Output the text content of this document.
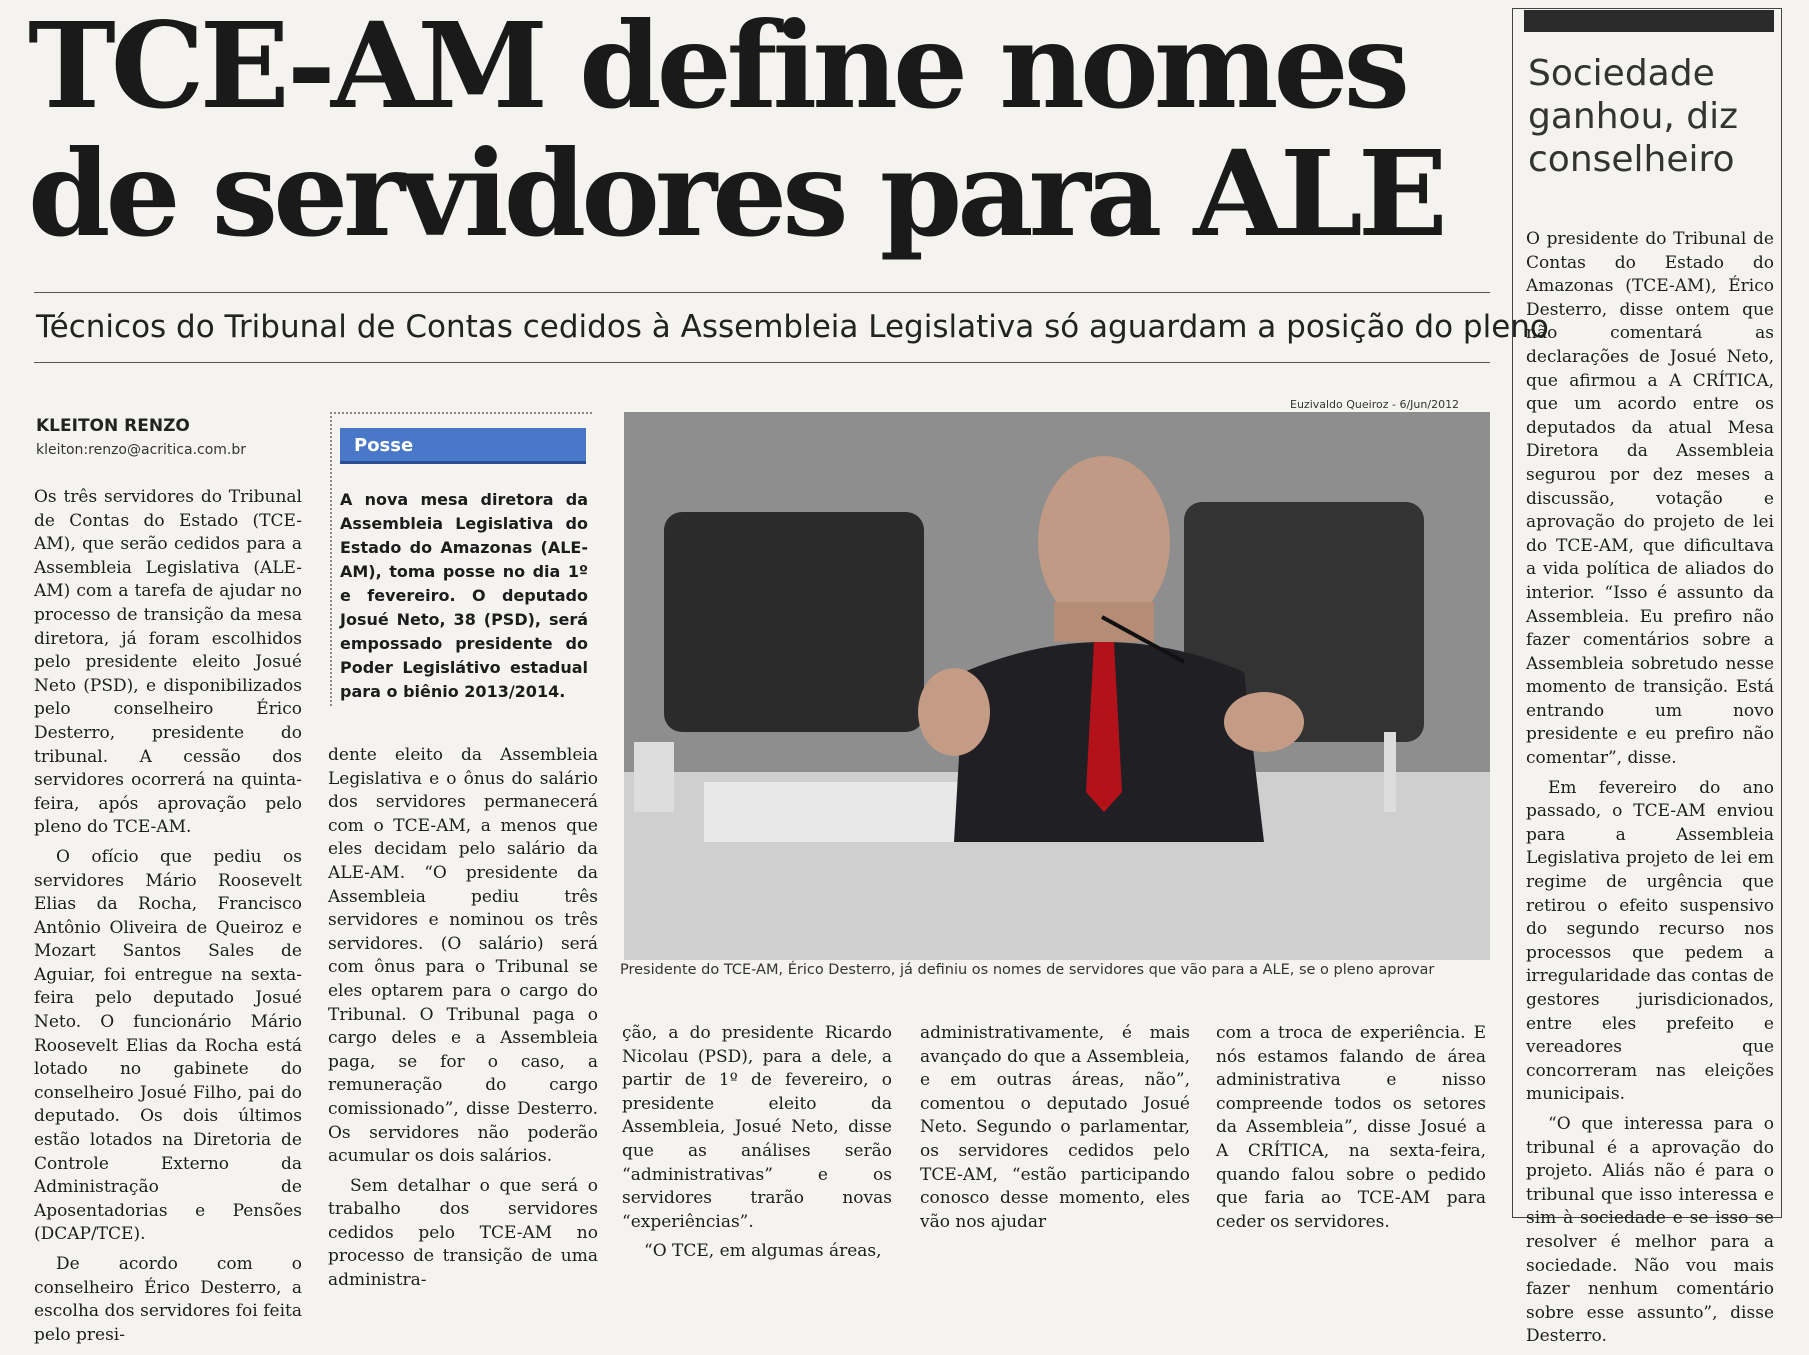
TCE-AM define nomes
de servidores para ALE
Técnicos do Tribunal de Contas cedidos à Assembleia Legislativa só aguardam a posição do pleno
KLEITON RENZO
kleiton:renzo@acritica.com.br

Os três servidores do Tribunal de Contas do Estado (TCE-AM), que serão cedidos para a Assembleia Legislativa (ALE-AM) com a tarefa de ajudar no processo de transição da mesa diretora, já foram escolhidos pelo presidente eleito Josué Neto (PSD), e disponibilizados pelo conselheiro Érico Desterro, presidente do tribunal. A cessão dos servidores ocorrerá na quinta-feira, após aprovação pelo pleno do TCE-AM.

O ofício que pediu os servidores Mário Roosevelt Elias da Rocha, Francisco Antônio Oliveira de Queiroz e Mozart Santos Sales de Aguiar, foi entregue na sexta-feira pelo deputado Josué Neto. O funcionário Mário Roosevelt Elias da Rocha está lotado no gabinete do conselheiro Josué Filho, pai do deputado. Os dois últimos estão lotados na Diretoria de Controle Externo da Administração de Aposentadorias e Pensões (DCAP/TCE).

De acordo com o conselheiro Érico Desterro, a escolha dos servidores foi feita pelo presi-

Posse
A nova mesa diretora da Assembleia Legislativa do Estado do Amazonas (ALE-AM), toma posse no dia 1º e fevereiro. O deputado Josué Neto, 38 (PSD), será empossado presidente do Poder Legislátivo estadual para o biênio 2013/2014.

dente eleito da Assembleia Legislativa e o ônus do salário dos servidores permanecerá com o TCE-AM, a menos que eles decidam pelo salário da ALE-AM. “O presidente da Assembleia pediu três servidores e nominou os três servidores. (O salário) será com ônus para o Tribunal se eles optarem para o cargo do Tribunal. O Tribunal paga o cargo deles e a Assembleia paga, se for o caso, a remuneração do cargo comissionado”, disse Desterro. Os servidores não poderão acumular os dois salários.

Sem detalhar o que será o trabalho dos servidores cedidos pelo TCE-AM no processo de transição de uma administra-

Euzivaldo Queiroz - 6/Jun/2012
Presidente do TCE-AM, Érico Desterro, já definiu os nomes de servidores que vão para a ALE, se o pleno aprovar

ção, a do presidente Ricardo Nicolau (PSD), para a dele, a partir de 1º de fevereiro, o presidente eleito da Assembleia, Josué Neto, disse que as análises serão “administrativas” e os servidores trarão novas “experiências”.

“O TCE, em algumas áreas,

administrativamente, é mais avançado do que a Assembleia, e em outras áreas, não”, comentou o deputado Josué Neto. Segundo o parlamentar, os servidores cedidos pelo TCE-AM, “estão participando conosco desse momento, eles vão nos ajudar

com a troca de experiência. E nós estamos falando de área administrativa e nisso compreende todos os setores da Assembleia”, disse Josué a A CRÍTICA, na sexta-feira, quando falou sobre o pedido que faria ao TCE-AM para ceder os servidores.

Sociedade ganhou, diz conselheiro

O presidente do Tribunal de Contas do Estado do Amazonas (TCE-AM), Érico Desterro, disse ontem que não comentará as declarações de Josué Neto, que afirmou a A CRÍTICA, que um acordo entre os deputados da atual Mesa Diretora da Assembleia segurou por dez meses a discussão, votação e aprovação do projeto de lei do TCE-AM, que dificultava a vida política de aliados do interior. “Isso é assunto da Assembleia. Eu prefiro não fazer comentários sobre a Assembleia sobretudo nesse momento de transição. Está entrando um novo presidente e eu prefiro não comentar”, disse.

Em fevereiro do ano passado, o TCE-AM enviou para a Assembleia Legislativa projeto de lei em regime de urgência que retirou o efeito suspensivo do segundo recurso nos processos que pedem a irregularidade das contas de gestores jurisdicionados, entre eles prefeito e vereadores que concorreram nas eleições municipais.

“O que interessa para o tribunal é a aprovação do projeto. Aliás não é para o tribunal que isso interessa e sim à sociedade e se isso se resolver é melhor para a sociedade. Não vou mais fazer nenhum comentário sobre esse assunto”, disse Desterro.
